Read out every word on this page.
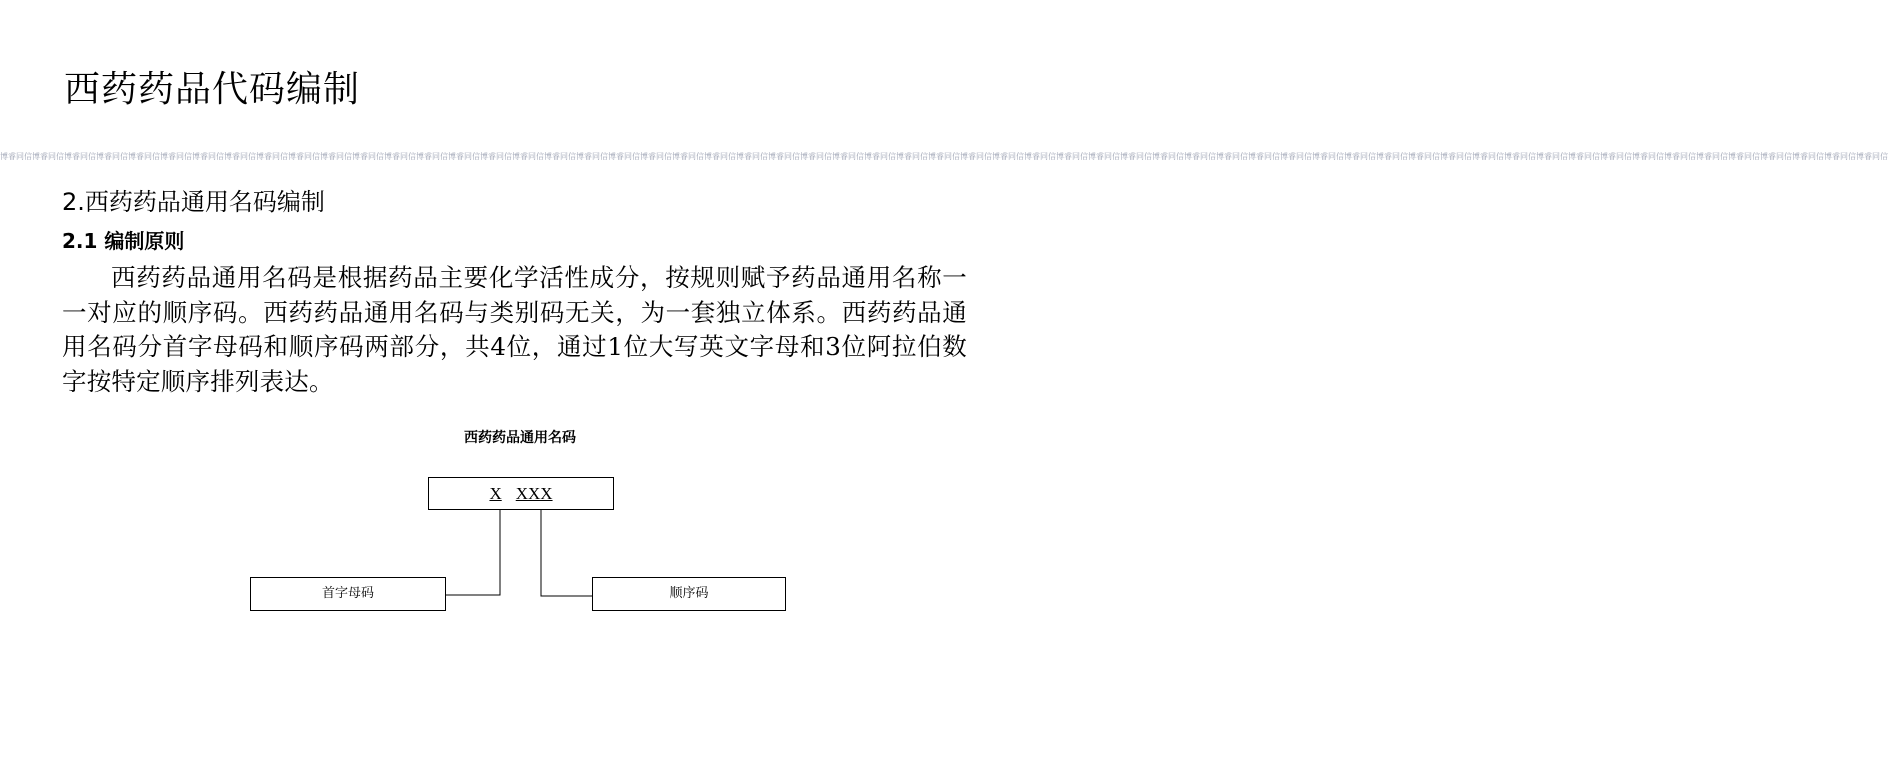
西药药品代码编制
博睿同信博睿同信博睿同信博睿同信博睿同信博睿同信博睿同信博睿同信博睿同信博睿同信博睿同信博睿同信博睿同信博睿同信博睿同信博睿同信博睿同信博睿同信博睿同信博睿同信博睿同信博睿同信博睿同信博睿同信博睿同信博睿同信博睿同信博睿同信博睿同信博睿同信博睿同信博睿同信博睿同信博睿同信博睿同信博睿同信博睿同信博睿同信博睿同信博睿同信博睿同信博睿同信博睿同信博睿同信博睿同信博睿同信博睿同信博睿同信博睿同信博睿同信博睿同信博睿同信博睿同信博睿同信博睿同信博睿同信博睿同信博睿同信博睿同信
2.西药药品通用名码编制
2.1 编制原则

西药药品通用名码是根据药品主要化学活性成分，按规则赋予药品通用名称一一对应的顺序码。西药药品通用名码与类别码无关，为一套独立体系。西药药品通用名码分首字母码和顺序码两部分，共4位，通过1位大写英文字母和3位阿拉伯数字按特定顺序排列表达。

西药药品通用名码
X XXX
首字母码	顺序码
